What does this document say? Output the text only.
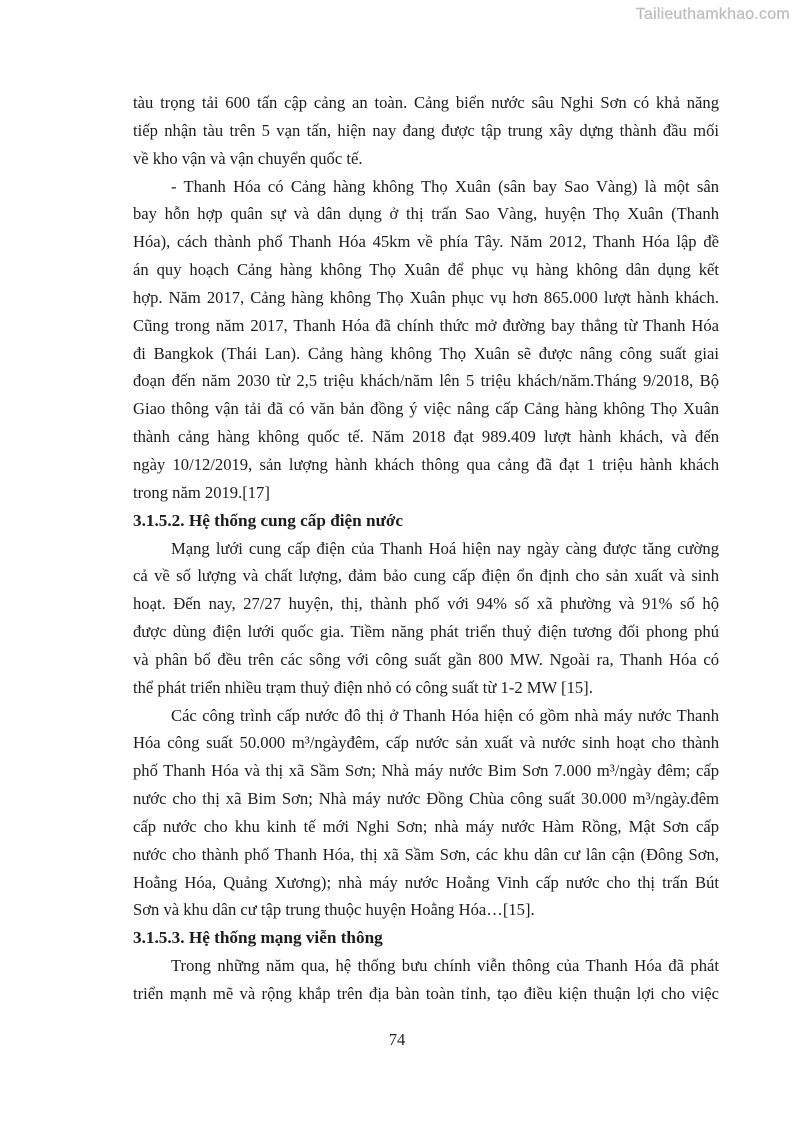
Tailieuthamkhao.com
tàu trọng tải 600 tấn cập cảng an toàn. Cảng biển nước sâu Nghi Sơn có khả năng
tiếp nhận tàu trên 5 vạn tấn, hiện nay đang được tập trung xây dựng thành đầu mối
về kho vận và vận chuyển quốc tế.
- Thanh Hóa có Cảng hàng không Thọ Xuân (sân bay Sao Vàng) là một sân
bay hỗn hợp quân sự và dân dụng ở thị trấn Sao Vàng, huyện Thọ Xuân (Thanh
Hóa), cách thành phố Thanh Hóa 45km về phía Tây. Năm 2012, Thanh Hóa lập đề
án quy hoạch Cảng hàng không Thọ Xuân để phục vụ hàng không dân dụng kết
hợp. Năm 2017, Cảng hàng không Thọ Xuân phục vụ hơn 865.000 lượt hành khách.
Cũng trong năm 2017, Thanh Hóa đã chính thức mở đường bay thẳng từ Thanh Hóa
đi Bangkok (Thái Lan). Cảng hàng không Thọ Xuân sẽ được nâng công suất giai
đoạn đến năm 2030 từ 2,5 triệu khách/năm lên 5 triệu khách/năm.Tháng 9/2018, Bộ
Giao thông vận tải đã có văn bản đồng ý việc nâng cấp Cảng hàng không Thọ Xuân
thành cảng hàng không quốc tế. Năm 2018 đạt 989.409 lượt hành khách, và đến
ngày 10/12/2019, sản lượng hành khách thông qua cảng đã đạt 1 triệu hành khách
trong năm 2019.[17]
3.1.5.2. Hệ thống cung cấp điện nước
Mạng lưới cung cấp điện của Thanh Hoá hiện nay ngày càng được tăng cường
cả về số lượng và chất lượng, đảm bảo cung cấp điện ổn định cho sản xuất và sinh
hoạt. Đến nay, 27/27 huyện, thị, thành phố với 94% số xã phường và 91% số hộ
được dùng điện lưới quốc gia. Tiềm năng phát triển thuỷ điện tương đối phong phú
và phân bố đều trên các sông với công suất gần 800 MW. Ngoài ra, Thanh Hóa có
thể phát triển nhiều trạm thuỷ điện nhỏ có công suất từ 1-2 MW [15].
Các công trình cấp nước đô thị ở Thanh Hóa hiện có gồm nhà máy nước Thanh
Hóa công suất 50.000 m³/ngàyđêm, cấp nước sản xuất và nước sinh hoạt cho thành
phố Thanh Hóa và thị xã Sầm Sơn; Nhà máy nước Bim Sơn 7.000 m³/ngày đêm; cấp
nước cho thị xã Bim Sơn; Nhà máy nước Đồng Chùa công suất 30.000 m³/ngày.đêm
cấp nước cho khu kinh tế mới Nghi Sơn; nhà máy nước Hàm Rồng, Mật Sơn cấp
nước cho thành phố Thanh Hóa, thị xã Sầm Sơn, các khu dân cư lân cận (Đông Sơn,
Hoằng Hóa, Quảng Xương); nhà máy nước Hoằng Vinh cấp nước cho thị trấn Bút
Sơn và khu dân cư tập trung thuộc huyện Hoằng Hóa…[15].
3.1.5.3. Hệ thống mạng viễn thông
Trong những năm qua, hệ thống bưu chính viễn thông của Thanh Hóa đã phát
triển mạnh mẽ và rộng khắp trên địa bàn toàn tỉnh, tạo điều kiện thuận lợi cho việc
74
